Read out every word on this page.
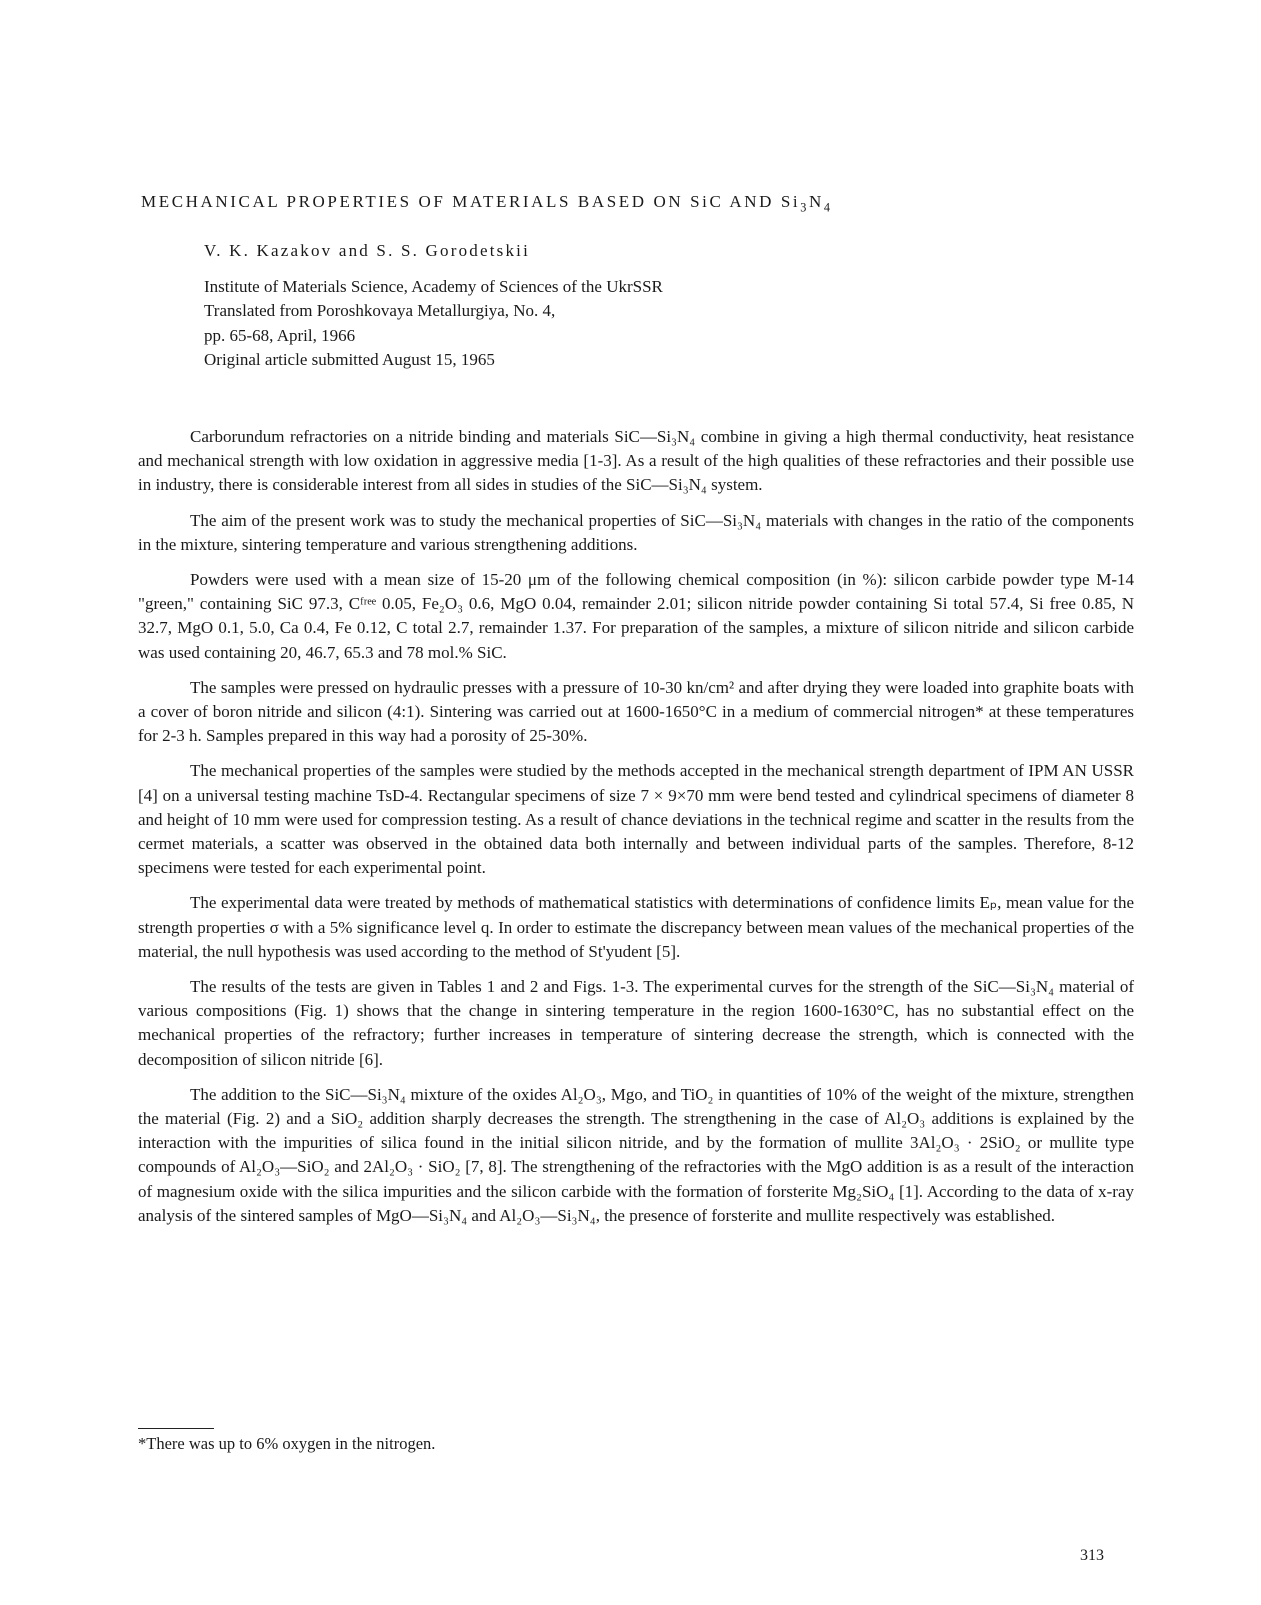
MECHANICAL PROPERTIES OF MATERIALS BASED ON SiC AND $Si_3N_4$
V. K. Kazakov and S. S. Gorodetskii
Institute of Materials Science, Academy of Sciences of the UkrSSR
Translated from Poroshkovaya Metallurgiya, No. 4,
pp. 65-68, April, 1966
Original article submitted August 15, 1965

Carborundum refractories on a nitride binding and materials SiC—Si₃N₄ combine in giving a high thermal conductivity, heat resistance and mechanical strength with low oxidation in aggressive media [1-3]. As a result of the high qualities of these refractories and their possible use in industry, there is considerable interest from all sides in studies of the SiC—Si₃N₄ system.

The aim of the present work was to study the mechanical properties of SiC—Si₃N₄ materials with changes in the ratio of the components in the mixture, sintering temperature and various strengthening additions.

Powders were used with a mean size of 15-20 μm of the following chemical composition (in %): silicon carbide powder type M-14 "green," containing SiC 97.3, Cᶠʳᵉᵉ 0.05, Fe₂O₃ 0.6, MgO 0.04, remainder 2.01; silicon nitride powder containing Si total 57.4, Si free 0.85, N 32.7, MgO 0.1, 5.0, Ca 0.4, Fe 0.12, C total 2.7, remainder 1.37. For preparation of the samples, a mixture of silicon nitride and silicon carbide was used containing 20, 46.7, 65.3 and 78 mol.% SiC.

The samples were pressed on hydraulic presses with a pressure of 10-30 kn/cm² and after drying they were loaded into graphite boats with a cover of boron nitride and silicon (4:1). Sintering was carried out at 1600-1650°C in a medium of commercial nitrogen* at these temperatures for 2-3 h. Samples prepared in this way had a porosity of 25-30%.

The mechanical properties of the samples were studied by the methods accepted in the mechanical strength department of IPM AN USSR [4] on a universal testing machine TsD-4. Rectangular specimens of size 7 × 9×70 mm were bend tested and cylindrical specimens of diameter 8 and height of 10 mm were used for compression testing. As a result of chance deviations in the technical regime and scatter in the results from the cermet materials, a scatter was observed in the obtained data both internally and between individual parts of the samples. Therefore, 8-12 specimens were tested for each experimental point.

The experimental data were treated by methods of mathematical statistics with determinations of confidence limits Eₚ, mean value for the strength properties σ with a 5% significance level q. In order to estimate the discrepancy between mean values of the mechanical properties of the material, the null hypothesis was used according to the method of St'yudent [5].

The results of the tests are given in Tables 1 and 2 and Figs. 1-3. The experimental curves for the strength of the SiC—Si₃N₄ material of various compositions (Fig. 1) shows that the change in sintering temperature in the region 1600-1630°C, has no substantial effect on the mechanical properties of the refractory; further increases in temperature of sintering decrease the strength, which is connected with the decomposition of silicon nitride [6].

The addition to the SiC—Si₃N₄ mixture of the oxides Al₂O₃, Mgo, and TiO₂ in quantities of 10% of the weight of the mixture, strengthen the material (Fig. 2) and a SiO₂ addition sharply decreases the strength. The strengthening in the case of Al₂O₃ additions is explained by the interaction with the impurities of silica found in the initial silicon nitride, and by the formation of mullite 3Al₂O₃ · 2SiO₂ or mullite type compounds of Al₂O₃—SiO₂ and 2Al₂O₃ · SiO₂ [7, 8]. The strengthening of the refractories with the MgO addition is as a result of the interaction of magnesium oxide with the silica impurities and the silicon carbide with the formation of forsterite Mg₂SiO₄ [1]. According to the data of x-ray analysis of the sintered samples of MgO—Si₃N₄ and Al₂O₃—Si₃N₄, the presence of forsterite and mullite respectively was established.

*There was up to 6% oxygen in the nitrogen.
313
